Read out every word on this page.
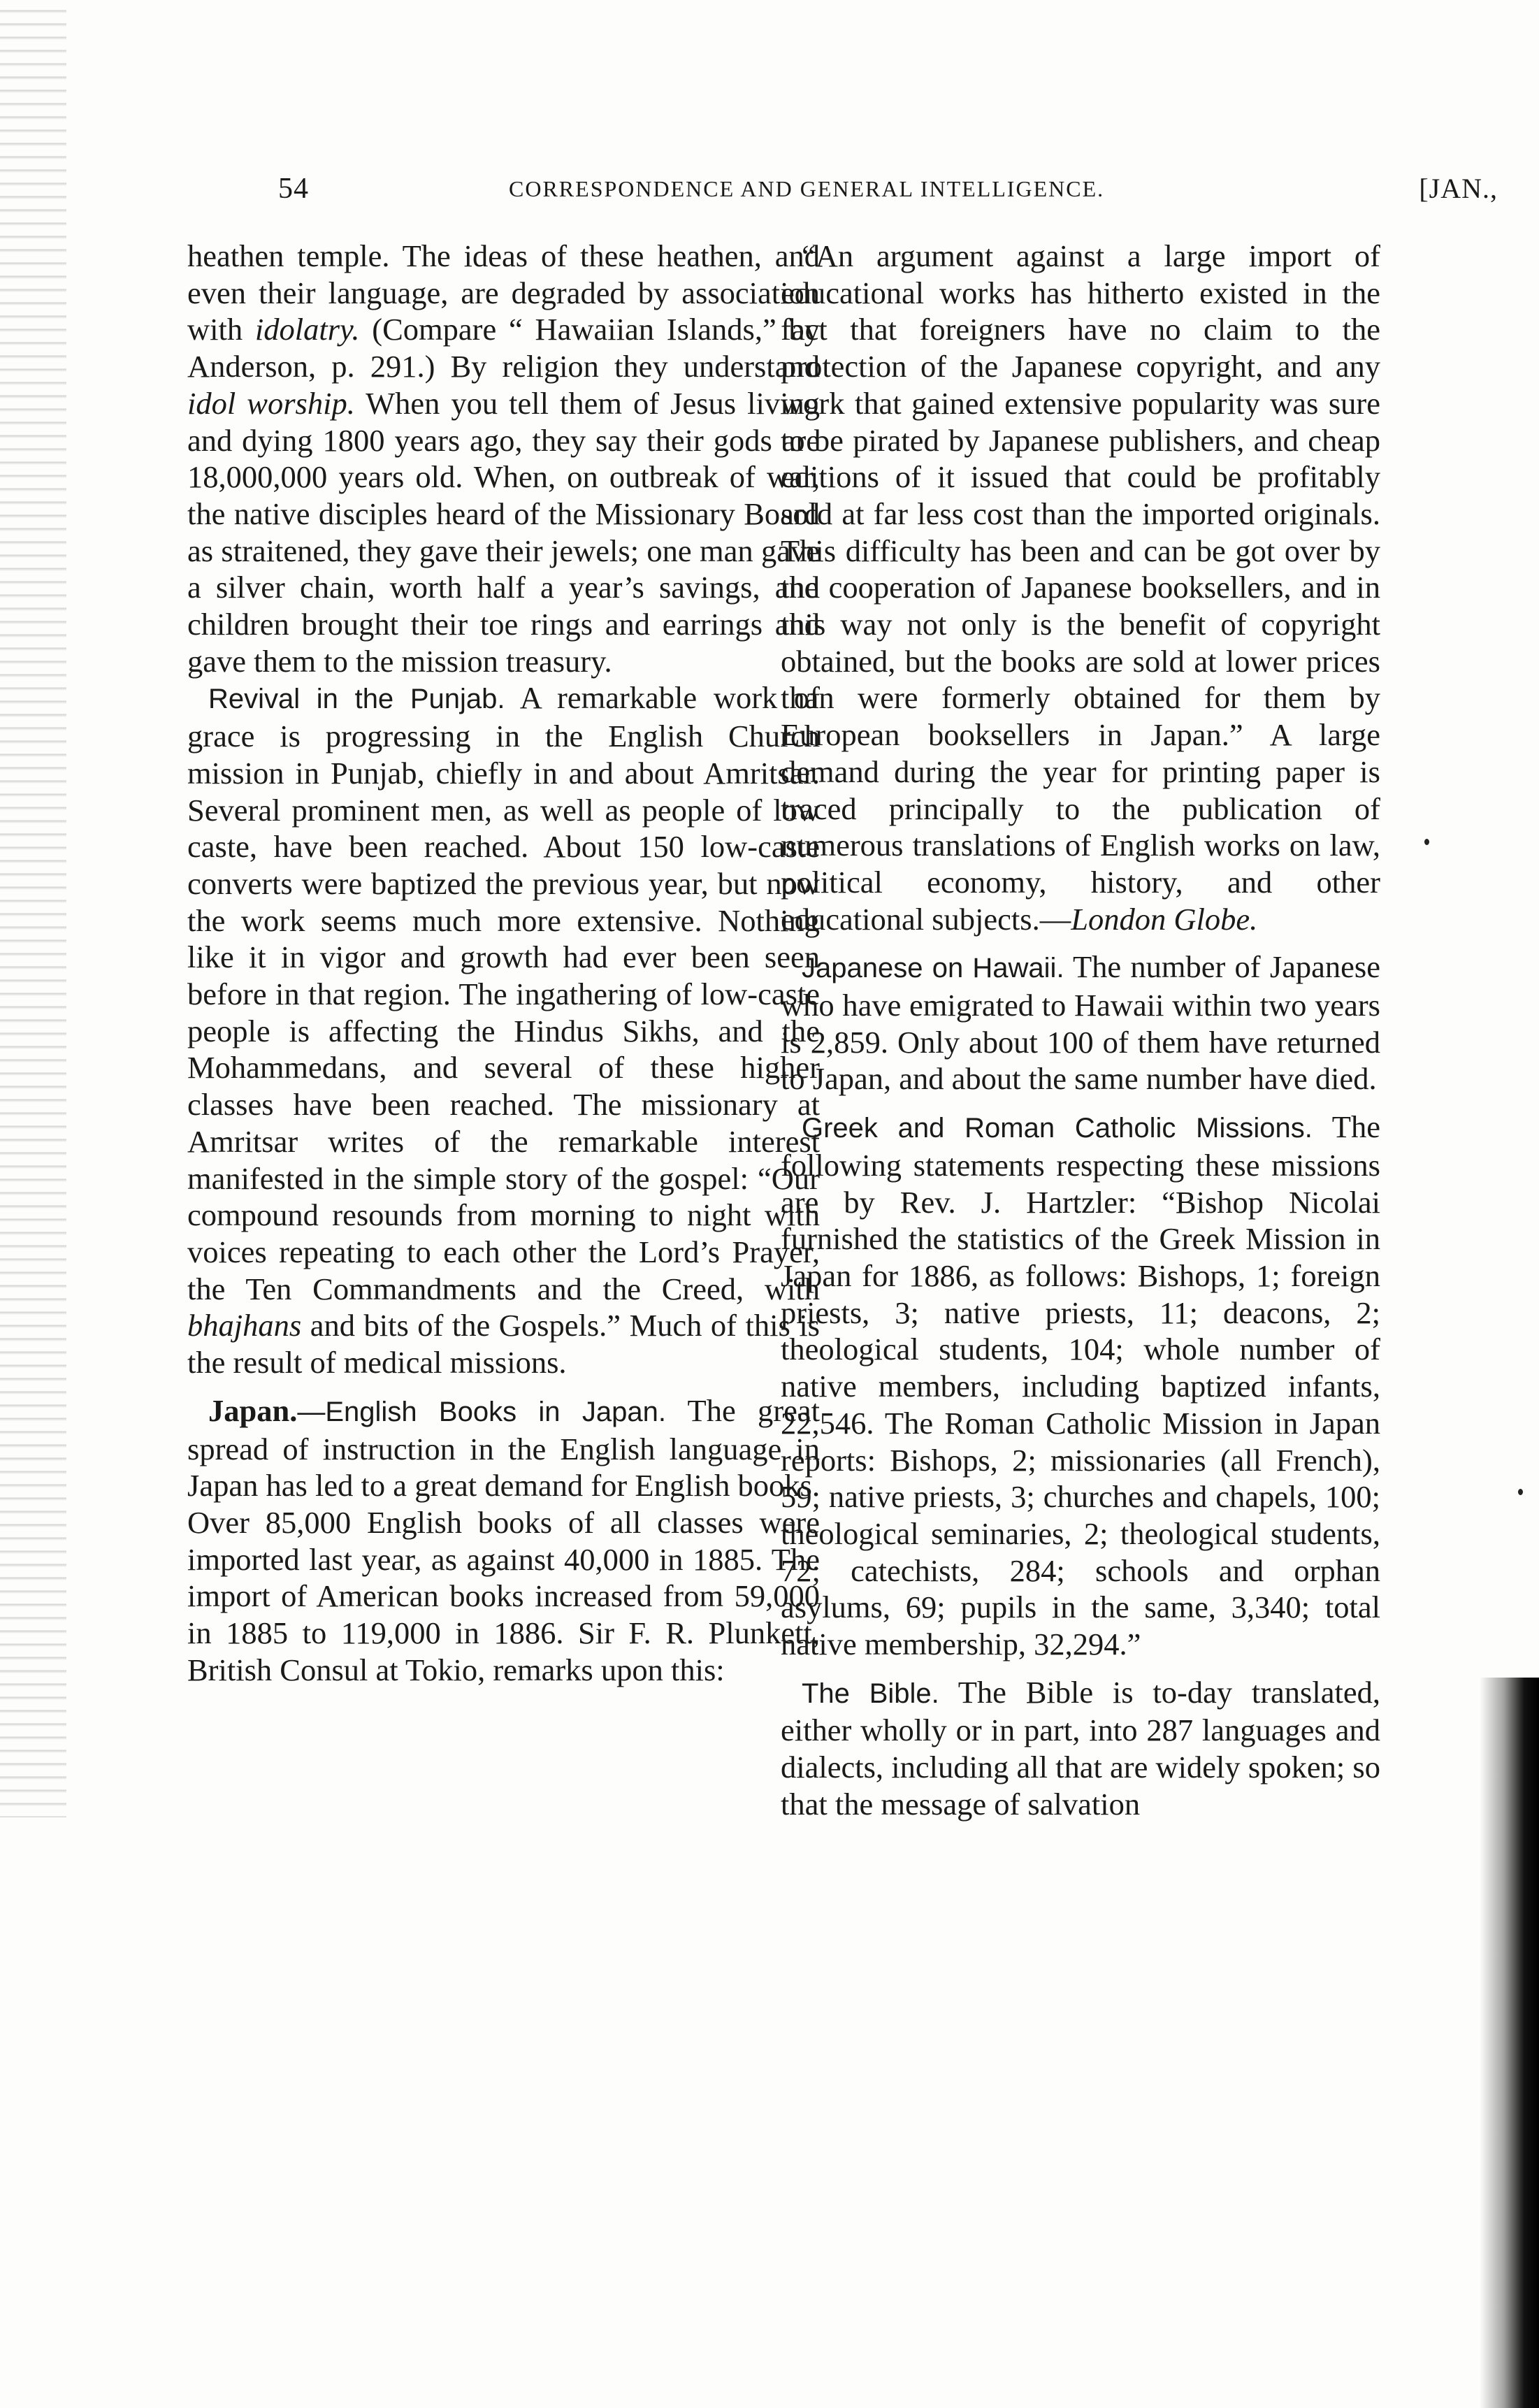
54	CORRESPONDENCE AND GENERAL INTELLIGENCE.	[JAN.,

heathen temple. The ideas of these heathen, and even their language, are degraded by association with idolatry. (Compare “ Hawaiian Islands,” by Anderson, p. 291.) By religion they understand idol worship. When you tell them of Jesus living and dying 1800 years ago, they say their gods are 18,000,000 years old. When, on outbreak of war, the native disciples heard of the Missionary Board as straitened, they gave their jewels; one man gave a silver chain, worth half a year’s savings, and children brought their toe rings and earrings and gave them to the mission treasury.

Revival in the Punjab. A remarkable work of grace is progressing in the English Church mission in Punjab, chiefly in and about Amritsar. Several prominent men, as well as people of low caste, have been reached. About 150 low-caste converts were baptized the previous year, but now the work seems much more extensive. Nothing like it in vigor and growth had ever been seen before in that region. The ingathering of low-caste people is affecting the Hindus Sikhs, and the Mohammedans, and several of these higher classes have been reached. The missionary at Amritsar writes of the remarkable interest manifested in the simple story of the gospel: “Our compound resounds from morning to night with voices repeating to each other the Lord’s Prayer, the Ten Commandments and the Creed, with bhajhans and bits of the Gospels.” Much of this is the result of medical missions.

Japan.—English Books in Japan. The great spread of instruction in the English language in Japan has led to a great demand for English books. Over 85,000 English books of all classes were imported last year, as against 40,000 in 1885. The import of American books increased from 59,000 in 1885 to 119,000 in 1886. Sir F. R. Plunkett, British Consul at Tokio, remarks upon this:

“An argument against a large import of educational works has hitherto existed in the fact that foreigners have no claim to the protection of the Japanese copyright, and any work that gained extensive popularity was sure to be pirated by Japanese publishers, and cheap editions of it issued that could be profitably sold at far less cost than the imported originals. This difficulty has been and can be got over by the cooperation of Japanese booksellers, and in this way not only is the benefit of copyright obtained, but the books are sold at lower prices than were formerly obtained for them by European booksellers in Japan.” A large demand during the year for printing paper is traced principally to the publication of numerous translations of English works on law, political economy, history, and other educational subjects.—London Globe.

Japanese on Hawaii. The number of Japanese who have emigrated to Hawaii within two years is 2,859. Only about 100 of them have returned to Japan, and about the same number have died.

Greek and Roman Catholic Missions. The following statements respecting these missions are by Rev. J. Hartzler: “Bishop Nicolai furnished the statistics of the Greek Mission in Japan for 1886, as follows: Bishops, 1; foreign priests, 3; native priests, 11; deacons, 2; theological students, 104; whole number of native members, including baptized infants, 22,546. The Roman Catholic Mission in Japan reports: Bishops, 2; missionaries (all French), 59; native priests, 3; churches and chapels, 100; theological seminaries, 2; theological students, 72; catechists, 284; schools and orphan asylums, 69; pupils in the same, 3,340; total native membership, 32,294.”

The Bible. The Bible is to-day translated, either wholly or in part, into 287 languages and dialects, including all that are widely spoken; so that the message of salvation
